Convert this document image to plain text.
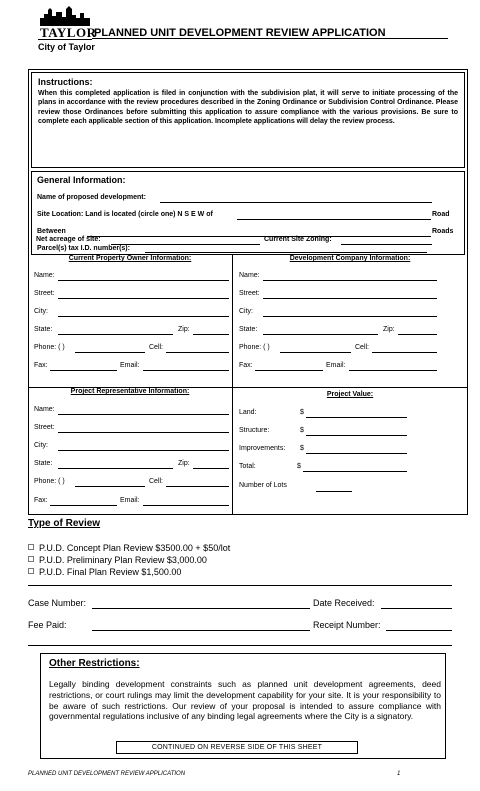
TAYLOR
PLANNED UNIT DEVELOPMENT REVIEW APPLICATION
City of Taylor
Instructions:

When this completed application is filed in conjunction with the subdivision plat, it will serve to initiate processing of the plans in accordance with the review procedures described in the Zoning Ordinance or Subdivision Control Ordinance. Please review those Ordinances before submitting this application to assure compliance with the various provisions. Be sure to complete each applicable section of this application. Incomplete applications will delay the review process.

General Information:
Name of proposed development:
Site Location: Land is located (circle one) N S E W of	Road
Between	Roads
Parcel(s) tax I.D. number(s):
Net acreage of site:	Current Site Zoning:
Current Property Owner Information:
Name:
Street:
City:
State:	Zip:
Phone: ( )	Cell:
Fax:	Email:
Development Company Information:
Name:
Street:
City:
State:	Zip:
Phone: ( )	Cell:
Fax:	Email:
Project Representative Information:
Name:
Street:
City:
State:	Zip:
Phone: ( )	Cell:
Fax:	Email:
Project Value:
Land:	$
Structure:	$
Improvements: $
Total:	$
Number of Lots
Type of Review
P.U.D. Concept Plan Review $3500.00 + $50/lot
P.U.D. Preliminary Plan Review $3,000.00
P.U.D. Final Plan Review $1,500.00
Case Number:	Date Received:
Fee Paid:	Receipt Number:
Other Restrictions:

Legally binding development constraints such as planned unit development agreements, deed restrictions, or court rulings may limit the development capability for your site. It is your responsibility to be aware of such restrictions. Our review of your proposal is intended to assure compliance with governmental regulations inclusive of any binding legal agreements where the City is a signatory.

CONTINUED ON REVERSE SIDE OF THIS SHEET
PLANNED UNIT DEVELOPMENT REVIEW APPLICATION	1
